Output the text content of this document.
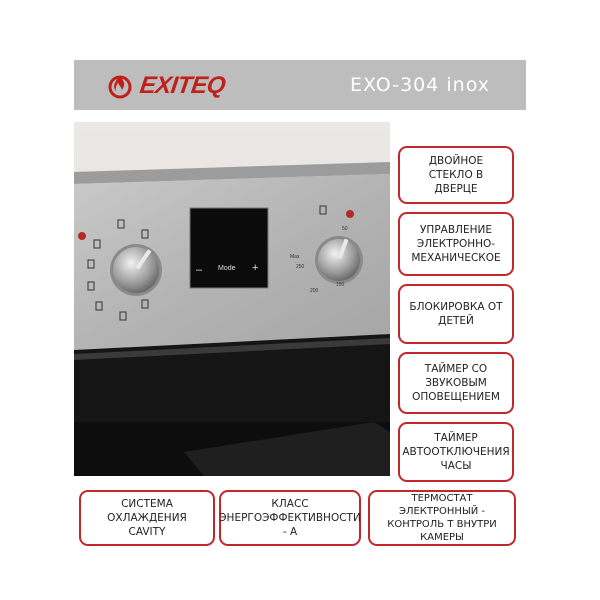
EXITEQ	EXO-304 inox
– Mode +
50
Max
250
200
150
ДВОЙНОЕ СТЕКЛО В ДВЕРЦЕ
УПРАВЛЕНИЕ ЭЛЕКТРОННО-МЕХАНИЧЕСКОЕ
БЛОКИРОВКА ОТ ДЕТЕЙ
ТАЙМЕР СО ЗВУКОВЫМ ОПОВЕЩЕНИЕМ
ТАЙМЕР АВТООТКЛЮЧЕНИЯ ЧАСЫ
СИСТЕМА ОХЛАЖДЕНИЯ CAVITY
КЛАСС ЭНЕРГОЭФФЕКТИВНОСТИ - А
ТЕРМОСТАТ ЭЛЕКТРОННЫЙ - КОНТРОЛЬ T ВНУТРИ КАМЕРЫ
